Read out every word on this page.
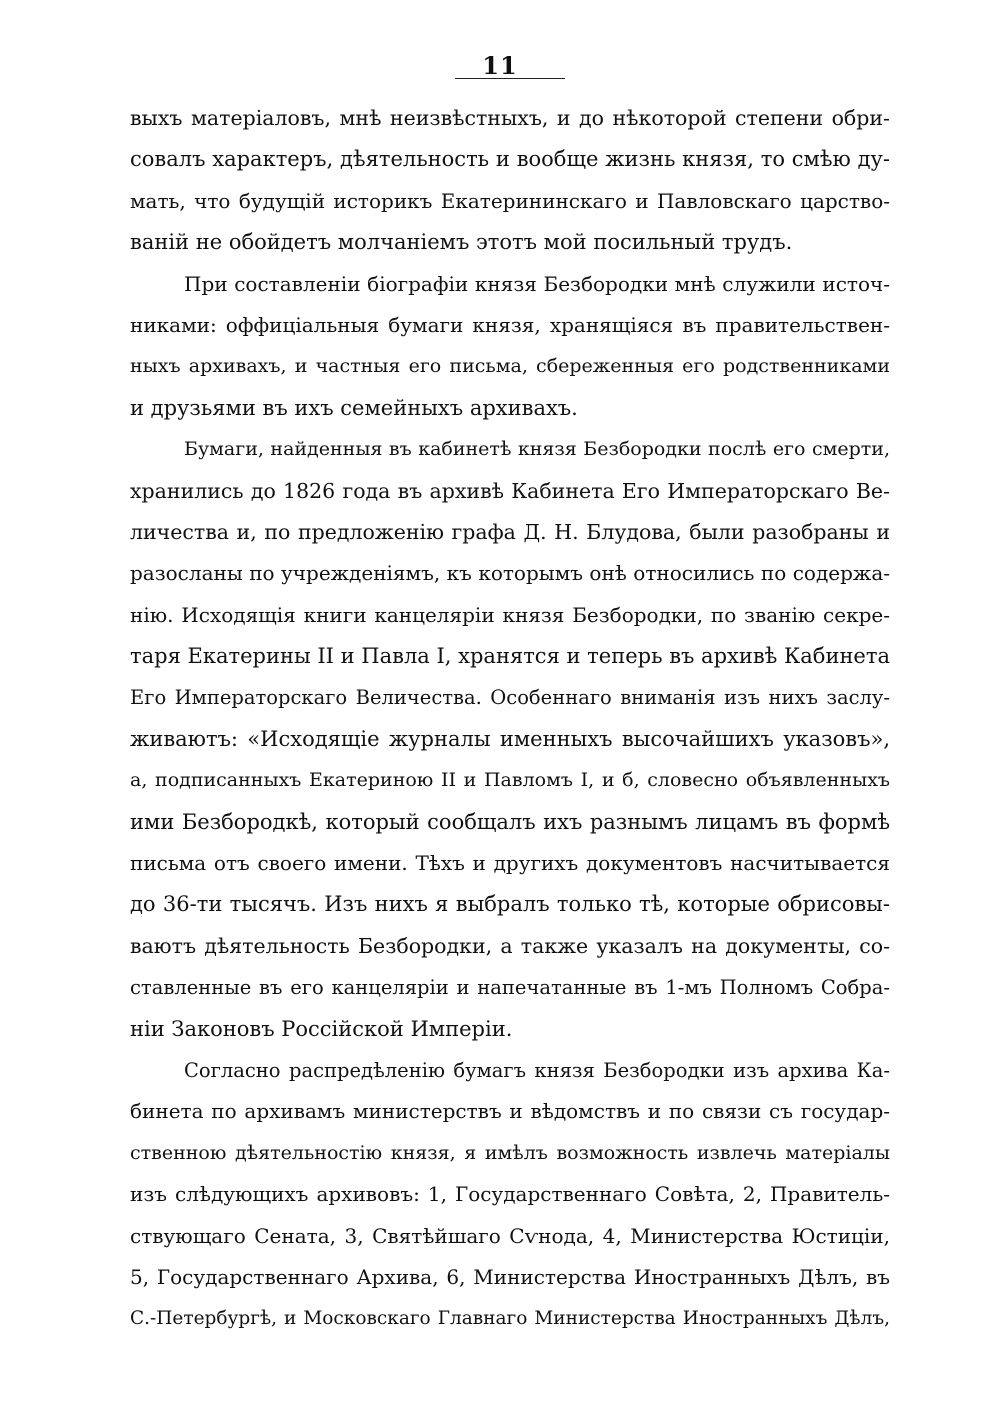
11
выхъ матеріаловъ, мнѣ неизвѣстныхъ, и до нѣкоторой степени обри-
совалъ характеръ, дѣятельность и вообще жизнь князя, то смѣю ду-
мать, что будущій историкъ Екатерининскаго и Павловскаго царство-
ваній не обойдетъ молчаніемъ этотъ мой посильный трудъ.
При составленіи біографіи князя Безбородки мнѣ служили источ-
никами: оффиціальныя бумаги князя, хранящіяся въ правительствен-
ныхъ архивахъ, и частныя его письма, сбереженныя его родственниками
и друзьями въ ихъ семейныхъ архивахъ.
Бумаги, найденныя въ кабинетѣ князя Безбородки послѣ его смерти,
хранились до 1826 года въ архивѣ Кабинета Его Императорскаго Ве-
личества и, по предложенію графа Д. Н. Блудова, были разобраны и
разосланы по учрежденіямъ, къ которымъ онѣ относились по содержа-
нію. Исходящія книги канцеляріи князя Безбородки, по званію секре-
таря Екатерины II и Павла I, хранятся и теперь въ архивѣ Кабинета
Его Императорскаго Величества. Особеннаго вниманія изъ нихъ заслу-
живаютъ: «Исходящіе журналы именныхъ высочайшихъ указовъ»,
а, подписанныхъ Екатериною II и Павломъ I, и б, словесно объявленныхъ
ими Безбородкѣ, который сообщалъ ихъ разнымъ лицамъ въ формѣ
письма отъ своего имени. Тѣхъ и другихъ документовъ насчитывается
до 36-ти тысячъ. Изъ нихъ я выбралъ только тѣ, которые обрисовы-
ваютъ дѣятельность Безбородки, а также указалъ на документы, со-
ставленные въ его канцеляріи и напечатанные въ 1-мъ Полномъ Собра-
ніи Законовъ Россійской Имперіи.
Согласно распредѣленію бумагъ князя Безбородки изъ архива Ка-
бинета по архивамъ министерствъ и вѣдомствъ и по связи съ государ-
ственною дѣятельностію князя, я имѣлъ возможность извлечь матеріалы
изъ слѣдующихъ архивовъ: 1, Государственнаго Совѣта, 2, Правитель-
ствующаго Сената, 3, Святѣйшаго Сѵнода, 4, Министерства Юстиціи,
5, Государственнаго Архива, 6, Министерства Иностранныхъ Дѣлъ, въ
С.-Петербургѣ, и Московскаго Главнаго Министерства Иностранныхъ Дѣлъ,
